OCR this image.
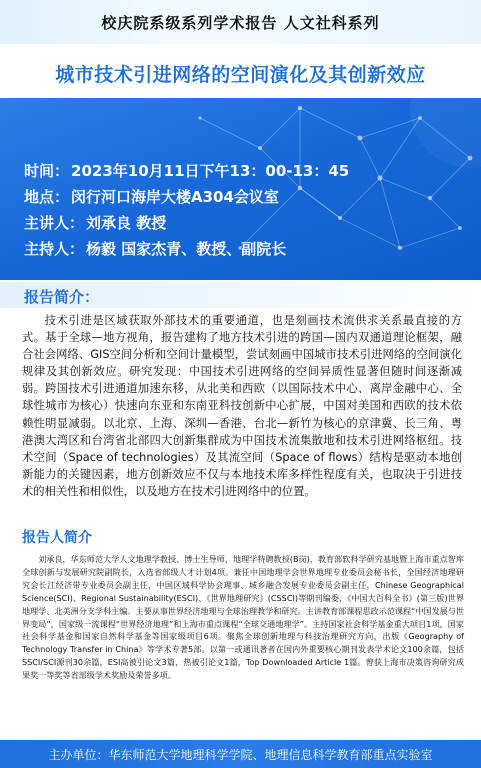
校庆院系级系列学术报告 人文社科系列
城市技术引进网络的空间演化及其创新效应
时间： 2023年10月11日下午13：00-13：45
地点： 闵行河口海岸大楼A304会议室
主讲人： 刘承良 教授
主持人： 杨毅 国家杰青、教授、副院长
报告简介：

技术引进是区域获取外部技术的重要通道，也是刻画技术流供求关系最直接的方式。基于全球—地方视角，报告建构了地方技术引进的跨国—国内双通道理论框架，融合社会网络、GIS空间分析和空间计量模型，尝试刻画中国城市技术引进网络的空间演化规律及其创新效应。研究发现：中国技术引进网络的空间异质性显著但随时间逐渐减弱。跨国技术引进通道加速东移，从北美和西欧（以国际技术中心、离岸金融中心、全球性城市为核心）快速向东亚和东南亚科技创新中心扩展，中国对美国和西欧的技术依赖性明显减弱。以北京、上海、深圳—香港、台北—新竹为核心的京津冀、长三角、粤港澳大湾区和台湾省北部四大创新集群成为中国技术流集散地和技术引进网络枢纽。技术空间（Space of technologies）及其流空间（Space of flows）结构是驱动本地创新能力的关键因素，地方创新效应不仅与本地技术库多样性程度有关，也取决于引进技术的相关性和相似性，以及地方在技术引进网络中的位置。

报告人简介

刘承良，华东师范大学人文地理学教授、博士生导师，地理学特聘教授(B岗)，教育部软科学研究基地暨上海市重点智库全球创新与发展研究院副院长，入选省部级人才计划4项。兼任中国地理学会世界地理专业委员会秘书长，全国经济地理研究会长江经济带专业委员会副主任，中国区域科学协会理事、城乡融合发展专业委员会副主任，Chinese Geographical Science(SCI)、Regional Sustainability(ESCI)、《世界地理研究》(CSSCI)等期刊编委，《中国大百科全书》(第三版)世界地理学、北美洲分支学科主编。主要从事世界经济地理与全球治理教学和研究。主讲教育部课程思政示范课程“中国发展与世界变局”，国家级一流课程“世界经济地理”和上海市重点课程“全球交通地理学”。主持国家社会科学基金重大项目1项，国家社会科学基金和国家自然科学基金等国家级项目6项。聚焦全球创新地理与科技治理研究方向，出版《Geography of Technology Transfer in China》等学术专著5部。以第一或通讯著者在国内外重要核心期刊发表学术论文100余篇，包括SSCI/SCI源刊30余篇，ESI高被引论文3篇，热被引论文1篇，Top Downloaded Article 1篇。曾获上海市决策咨询研究成果奖一等奖等省部级学术奖励及荣誉多项。

主办单位：华东师范大学地理科学学院、地理信息科学教育部重点实验室
